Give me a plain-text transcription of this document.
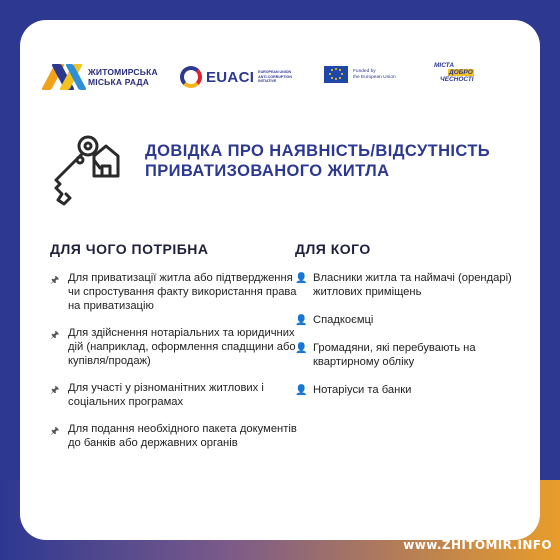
ЖИТОМИРСЬКА
МІСЬКА РАДА	EUACI EUROPEAN UNION
ANTI-CORRUPTION
INITIATIVE
Funded by
the European Union
МІСТА
ДОБРО
ЧЕСНОСТІ
ДОВІДКА ПРО НАЯВНІСТЬ/ВІДСУТНІСТЬ
ПРИВАТИЗОВАНОГО ЖИТЛА
ДЛЯ ЧОГО ПОТРІБНА
🖈 Для приватизації житла або підтвердження чи спростування факту використання права на приватизацію
🖈 Для здійснення нотаріальних та юридичних дій (наприклад, оформлення спадщини або купівля/продаж)
🖈 Для участі у різноманітних житлових і соціальних програмах
🖈 Для подання необхідного пакета документів до банків або державних органів
ДЛЯ КОГО
👤 Власники житла та наймачі (орендарі) житлових приміщень
👤 Спадкоємці
👤 Громадяни, які перебувають на квартирному обліку
👤 Нотаріуси та банки
www.ZHITOMIR.INFO
